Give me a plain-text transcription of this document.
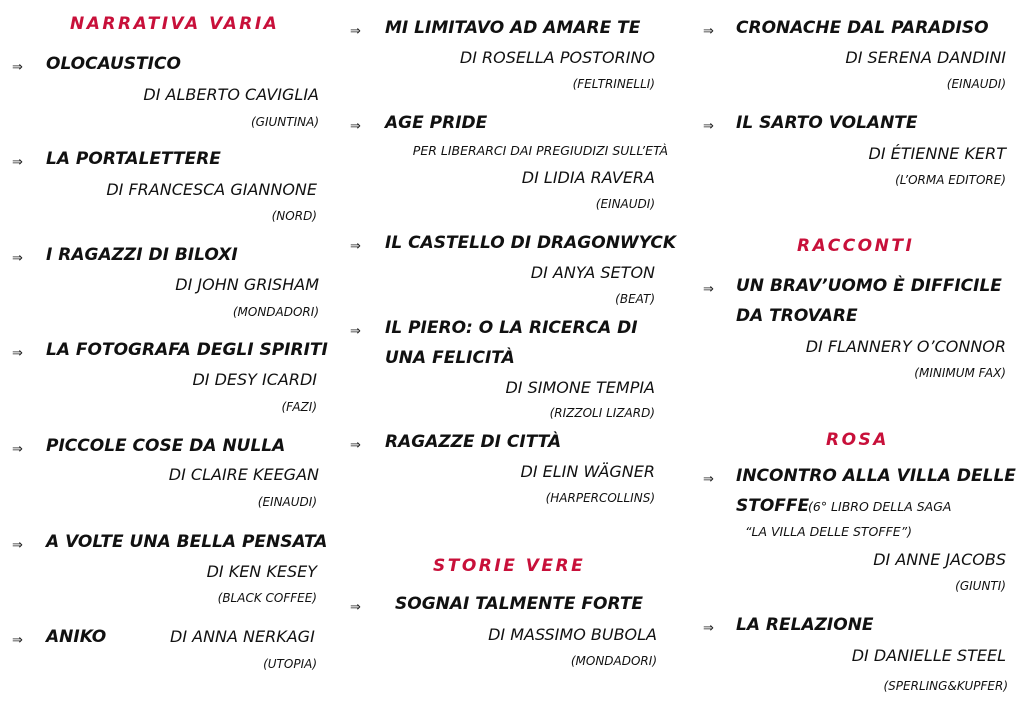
NARRATIVA VARIA
⇒ OLOCAUSTICO
DI ALBERTO CAVIGLIA
(GIUNTINA)
⇒ LA PORTALETTERE
DI FRANCESCA GIANNONE
(NORD)
⇒ I RAGAZZI DI BILOXI
DI JOHN GRISHAM
(MONDADORI)
⇒ LA FOTOGRAFA DEGLI SPIRITI
DI DESY ICARDI
(FAZI)
⇒ PICCOLE COSE DA NULLA
DI CLAIRE KEEGAN
(EINAUDI)
⇒ A VOLTE UNA BELLA PENSATA
DI KEN KESEY
(BLACK COFFEE)
⇒ ANIKO	DI ANNA NERKAGI
(UTOPIA)
⇒ MI LIMITAVO AD AMARE TE
DI ROSELLA POSTORINO
(FELTRINELLI)
⇒ AGE PRIDE
PER LIBERARCI DAI PREGIUDIZI SULL’ETÀ
DI LIDIA RAVERA
(EINAUDI)
⇒ IL CASTELLO DI DRAGONWYCK
DI ANYA SETON
(BEAT)
⇒ IL PIERO: O LA RICERCA DI
UNA FELICITÀ
DI SIMONE TEMPIA
(RIZZOLI LIZARD)
⇒ RAGAZZE DI CITTÀ
DI ELIN WÄGNER
(HARPERCOLLINS)
STORIE VERE
⇒ SOGNAI TALMENTE FORTE
DI MASSIMO BUBOLA
(MONDADORI)
⇒ CRONACHE DAL PARADISO
DI SERENA DANDINI
(EINAUDI)
⇒ IL SARTO VOLANTE
DI ÉTIENNE KERT
(L’ORMA EDITORE)
RACCONTI
⇒ UN BRAV’UOMO È DIFFICILE
DA TROVARE
DI FLANNERY O’CONNOR
(MINIMUM FAX)
ROSA
⇒ INCONTRO ALLA VILLA DELLE
STOFFE
(6° LIBRO DELLA SAGA
“LA VILLA DELLE STOFFE”)
DI ANNE JACOBS
(GIUNTI)
⇒ LA RELAZIONE
DI DANIELLE STEEL
(SPERLING&KUPFER)
